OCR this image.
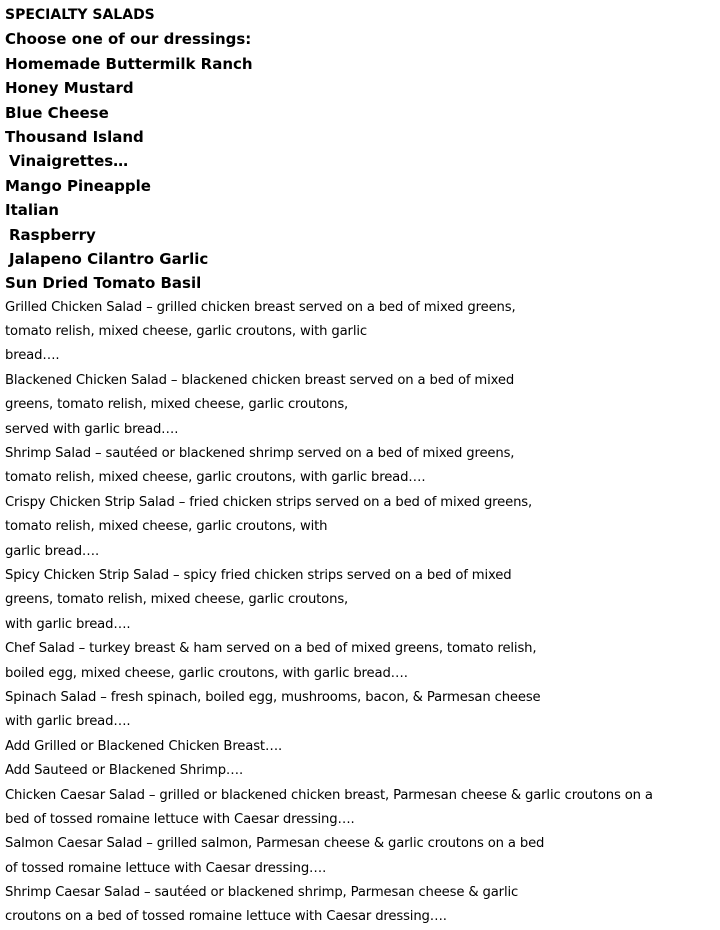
SPECIALTY SALADS
Choose one of our dressings:
Homemade Buttermilk Ranch
Honey Mustard
Blue Cheese
Thousand Island
Vinaigrettes…
Mango Pineapple
Italian
Raspberry
Jalapeno Cilantro Garlic
Sun Dried Tomato Basil
Grilled Chicken Salad – grilled chicken breast served on a bed of mixed greens,
tomato relish, mixed cheese, garlic croutons, with garlic
bread….
Blackened Chicken Salad – blackened chicken breast served on a bed of mixed
greens, tomato relish, mixed cheese, garlic croutons,
served with garlic bread….
Shrimp Salad – sautéed or blackened shrimp served on a bed of mixed greens,
tomato relish, mixed cheese, garlic croutons, with garlic bread….
Crispy Chicken Strip Salad – fried chicken strips served on a bed of mixed greens,
tomato relish, mixed cheese, garlic croutons, with
garlic bread….
Spicy Chicken Strip Salad – spicy fried chicken strips served on a bed of mixed
greens, tomato relish, mixed cheese, garlic croutons,
with garlic bread….
Chef Salad – turkey breast & ham served on a bed of mixed greens, tomato relish,
boiled egg, mixed cheese, garlic croutons, with garlic bread….
Spinach Salad – fresh spinach, boiled egg, mushrooms, bacon, & Parmesan cheese
with garlic bread….
Add Grilled or Blackened Chicken Breast….
Add Sauteed or Blackened Shrimp….
Chicken Caesar Salad – grilled or blackened chicken breast, Parmesan cheese & garlic croutons on a
bed of tossed romaine lettuce with Caesar dressing….
Salmon Caesar Salad – grilled salmon, Parmesan cheese & garlic croutons on a bed
of tossed romaine lettuce with Caesar dressing….
Shrimp Caesar Salad – sautéed or blackened shrimp, Parmesan cheese & garlic
croutons on a bed of tossed romaine lettuce with Caesar dressing….
